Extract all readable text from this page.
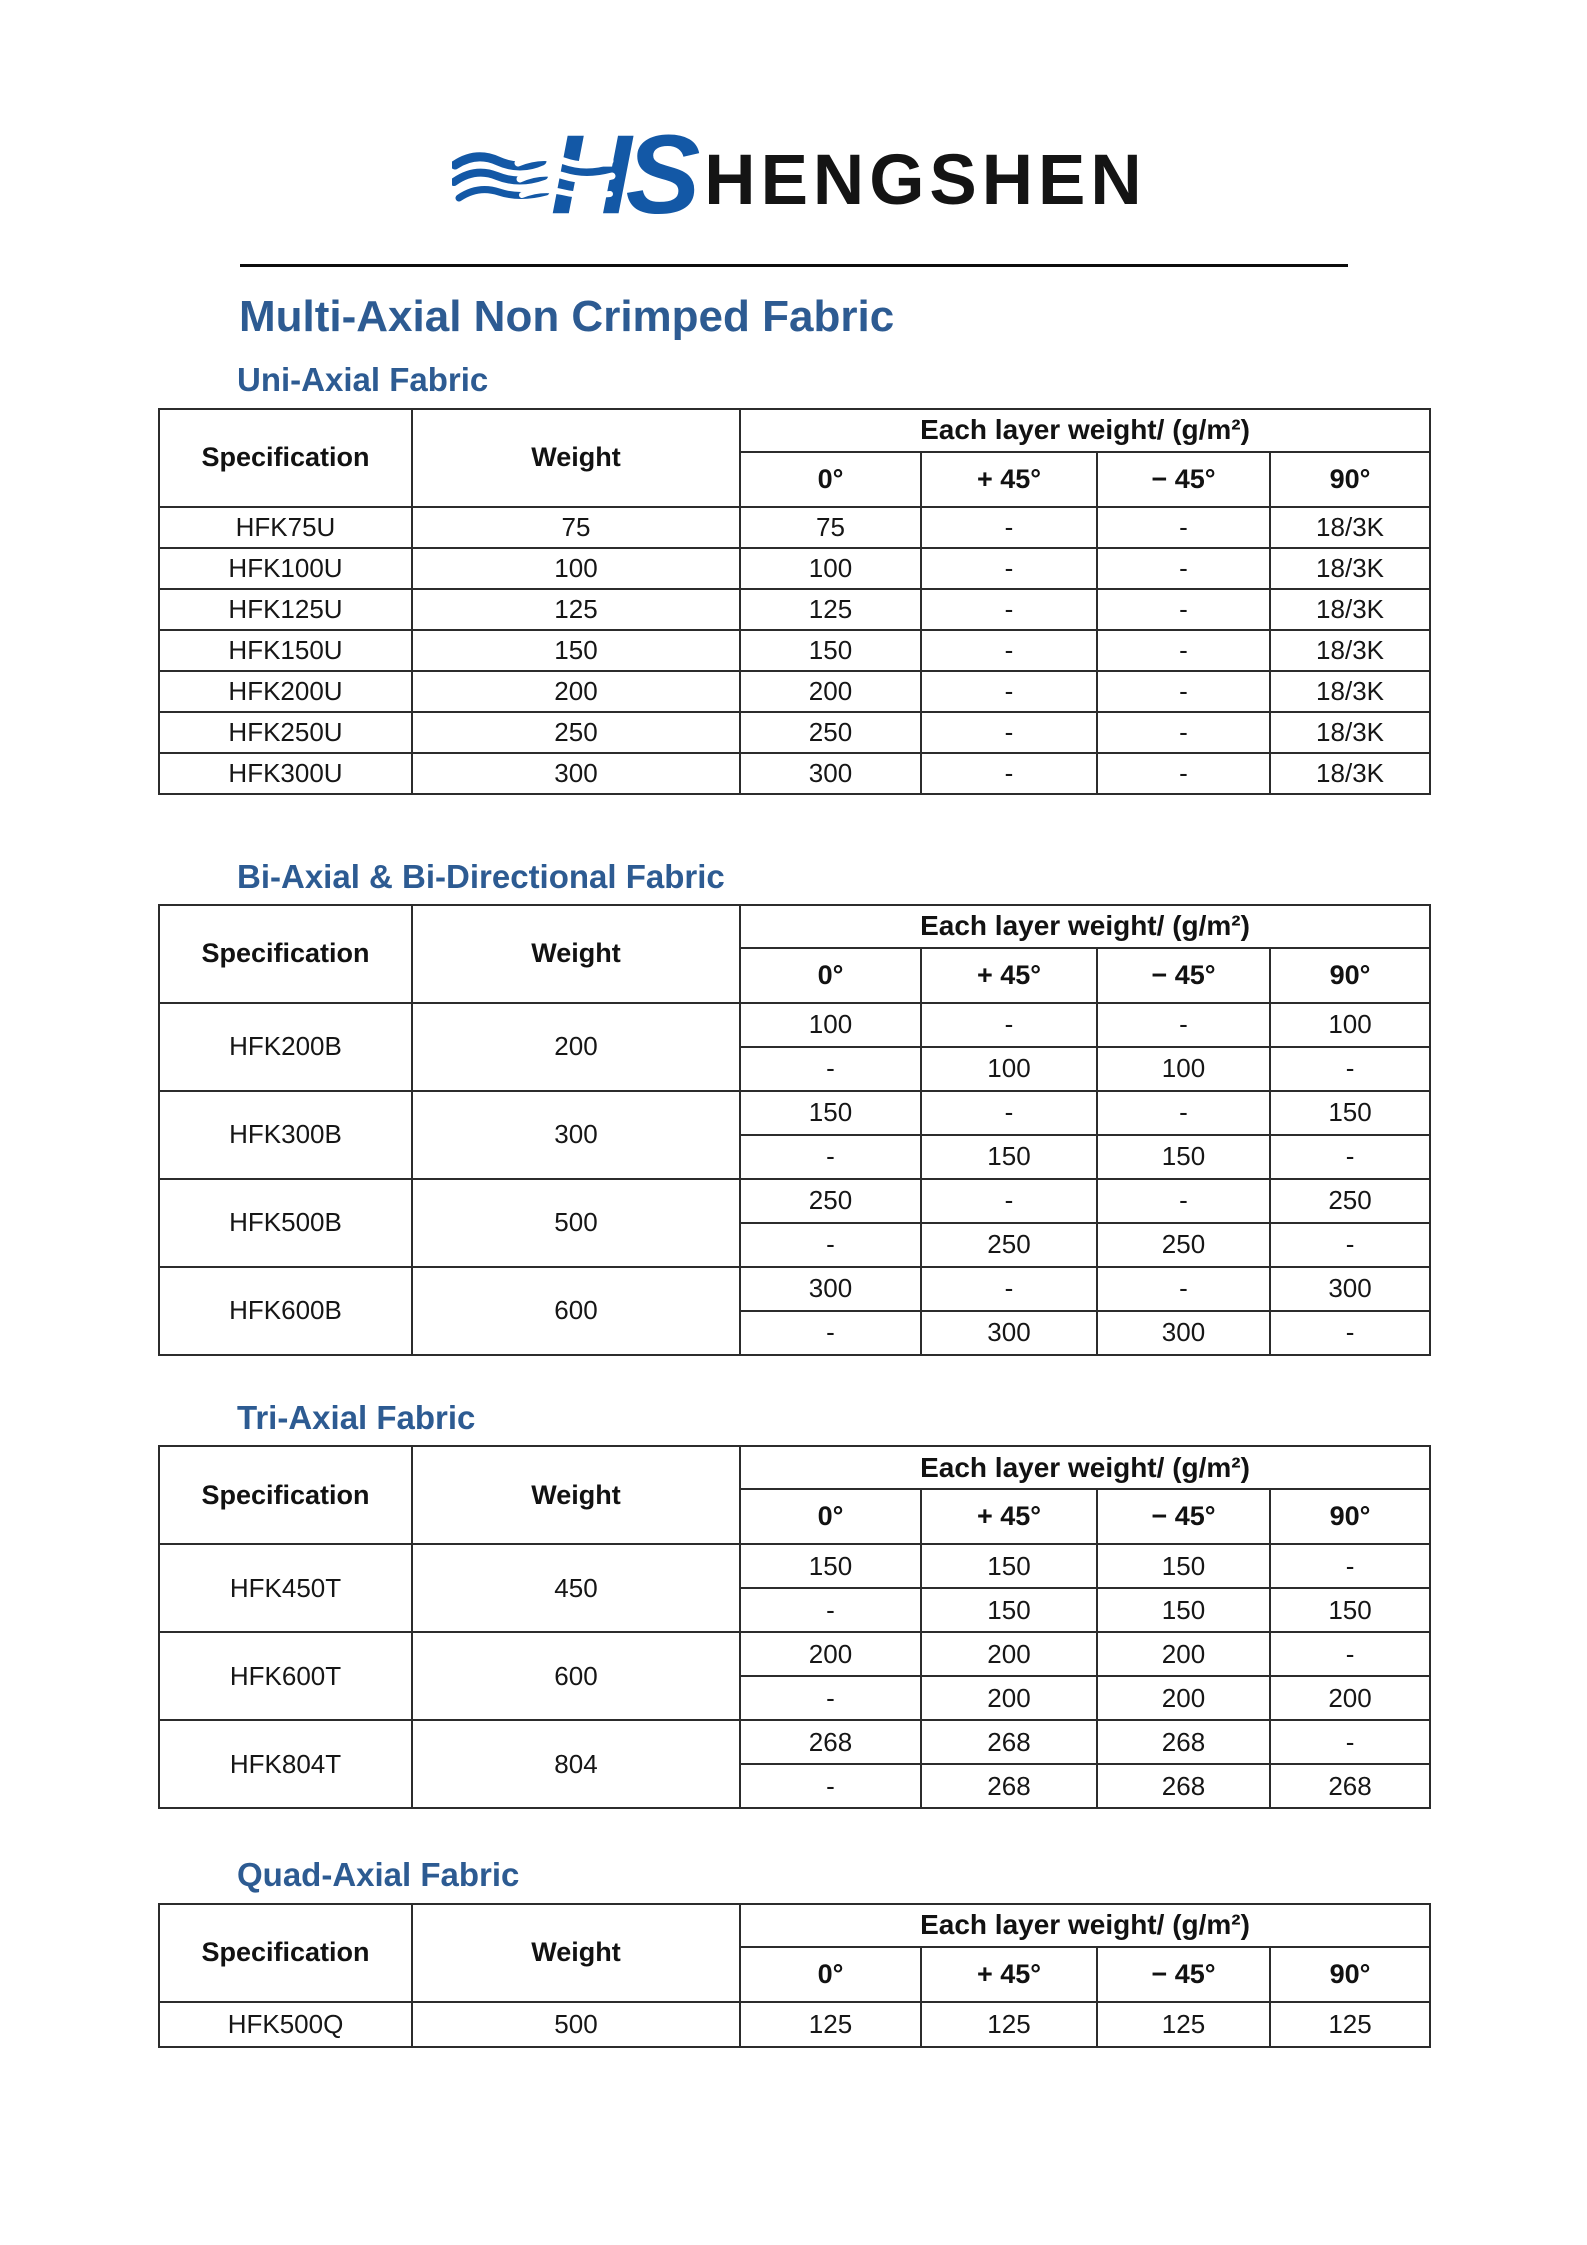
HS HENGSHEN
Multi-Axial Non Crimped Fabric
Uni-Axial Fabric
Specification	Weight	Each layer weight/ (g/m²)			
		0°	+ 45°	− 45°	90°
HFK75U	75	75	-	-	18/3K
HFK100U	100	100	-	-	18/3K
HFK125U	125	125	-	-	18/3K
HFK150U	150	150	-	-	18/3K
HFK200U	200	200	-	-	18/3K
HFK250U	250	250	-	-	18/3K
HFK300U	300	300	-	-	18/3K
Bi-Axial & Bi-Directional Fabric
Specification	Weight	Each layer weight/ (g/m²)			
		0°	+ 45°	− 45°	90°
HFK200B	200	100	-	-	100
		-	100	100	-
HFK300B	300	150	-	-	150
		-	150	150	-
HFK500B	500	250	-	-	250
		-	250	250	-
HFK600B	600	300	-	-	300
		-	300	300	-
Tri-Axial Fabric
Specification	Weight	Each layer weight/ (g/m²)			
		0°	+ 45°	− 45°	90°
HFK450T	450	150	150	150	-
		-	150	150	150
HFK600T	600	200	200	200	-
		-	200	200	200
HFK804T	804	268	268	268	-
		-	268	268	268
Quad-Axial Fabric
Specification	Weight	Each layer weight/ (g/m²)			
		0°	+ 45°	− 45°	90°
HFK500Q	500	125	125	125	125
